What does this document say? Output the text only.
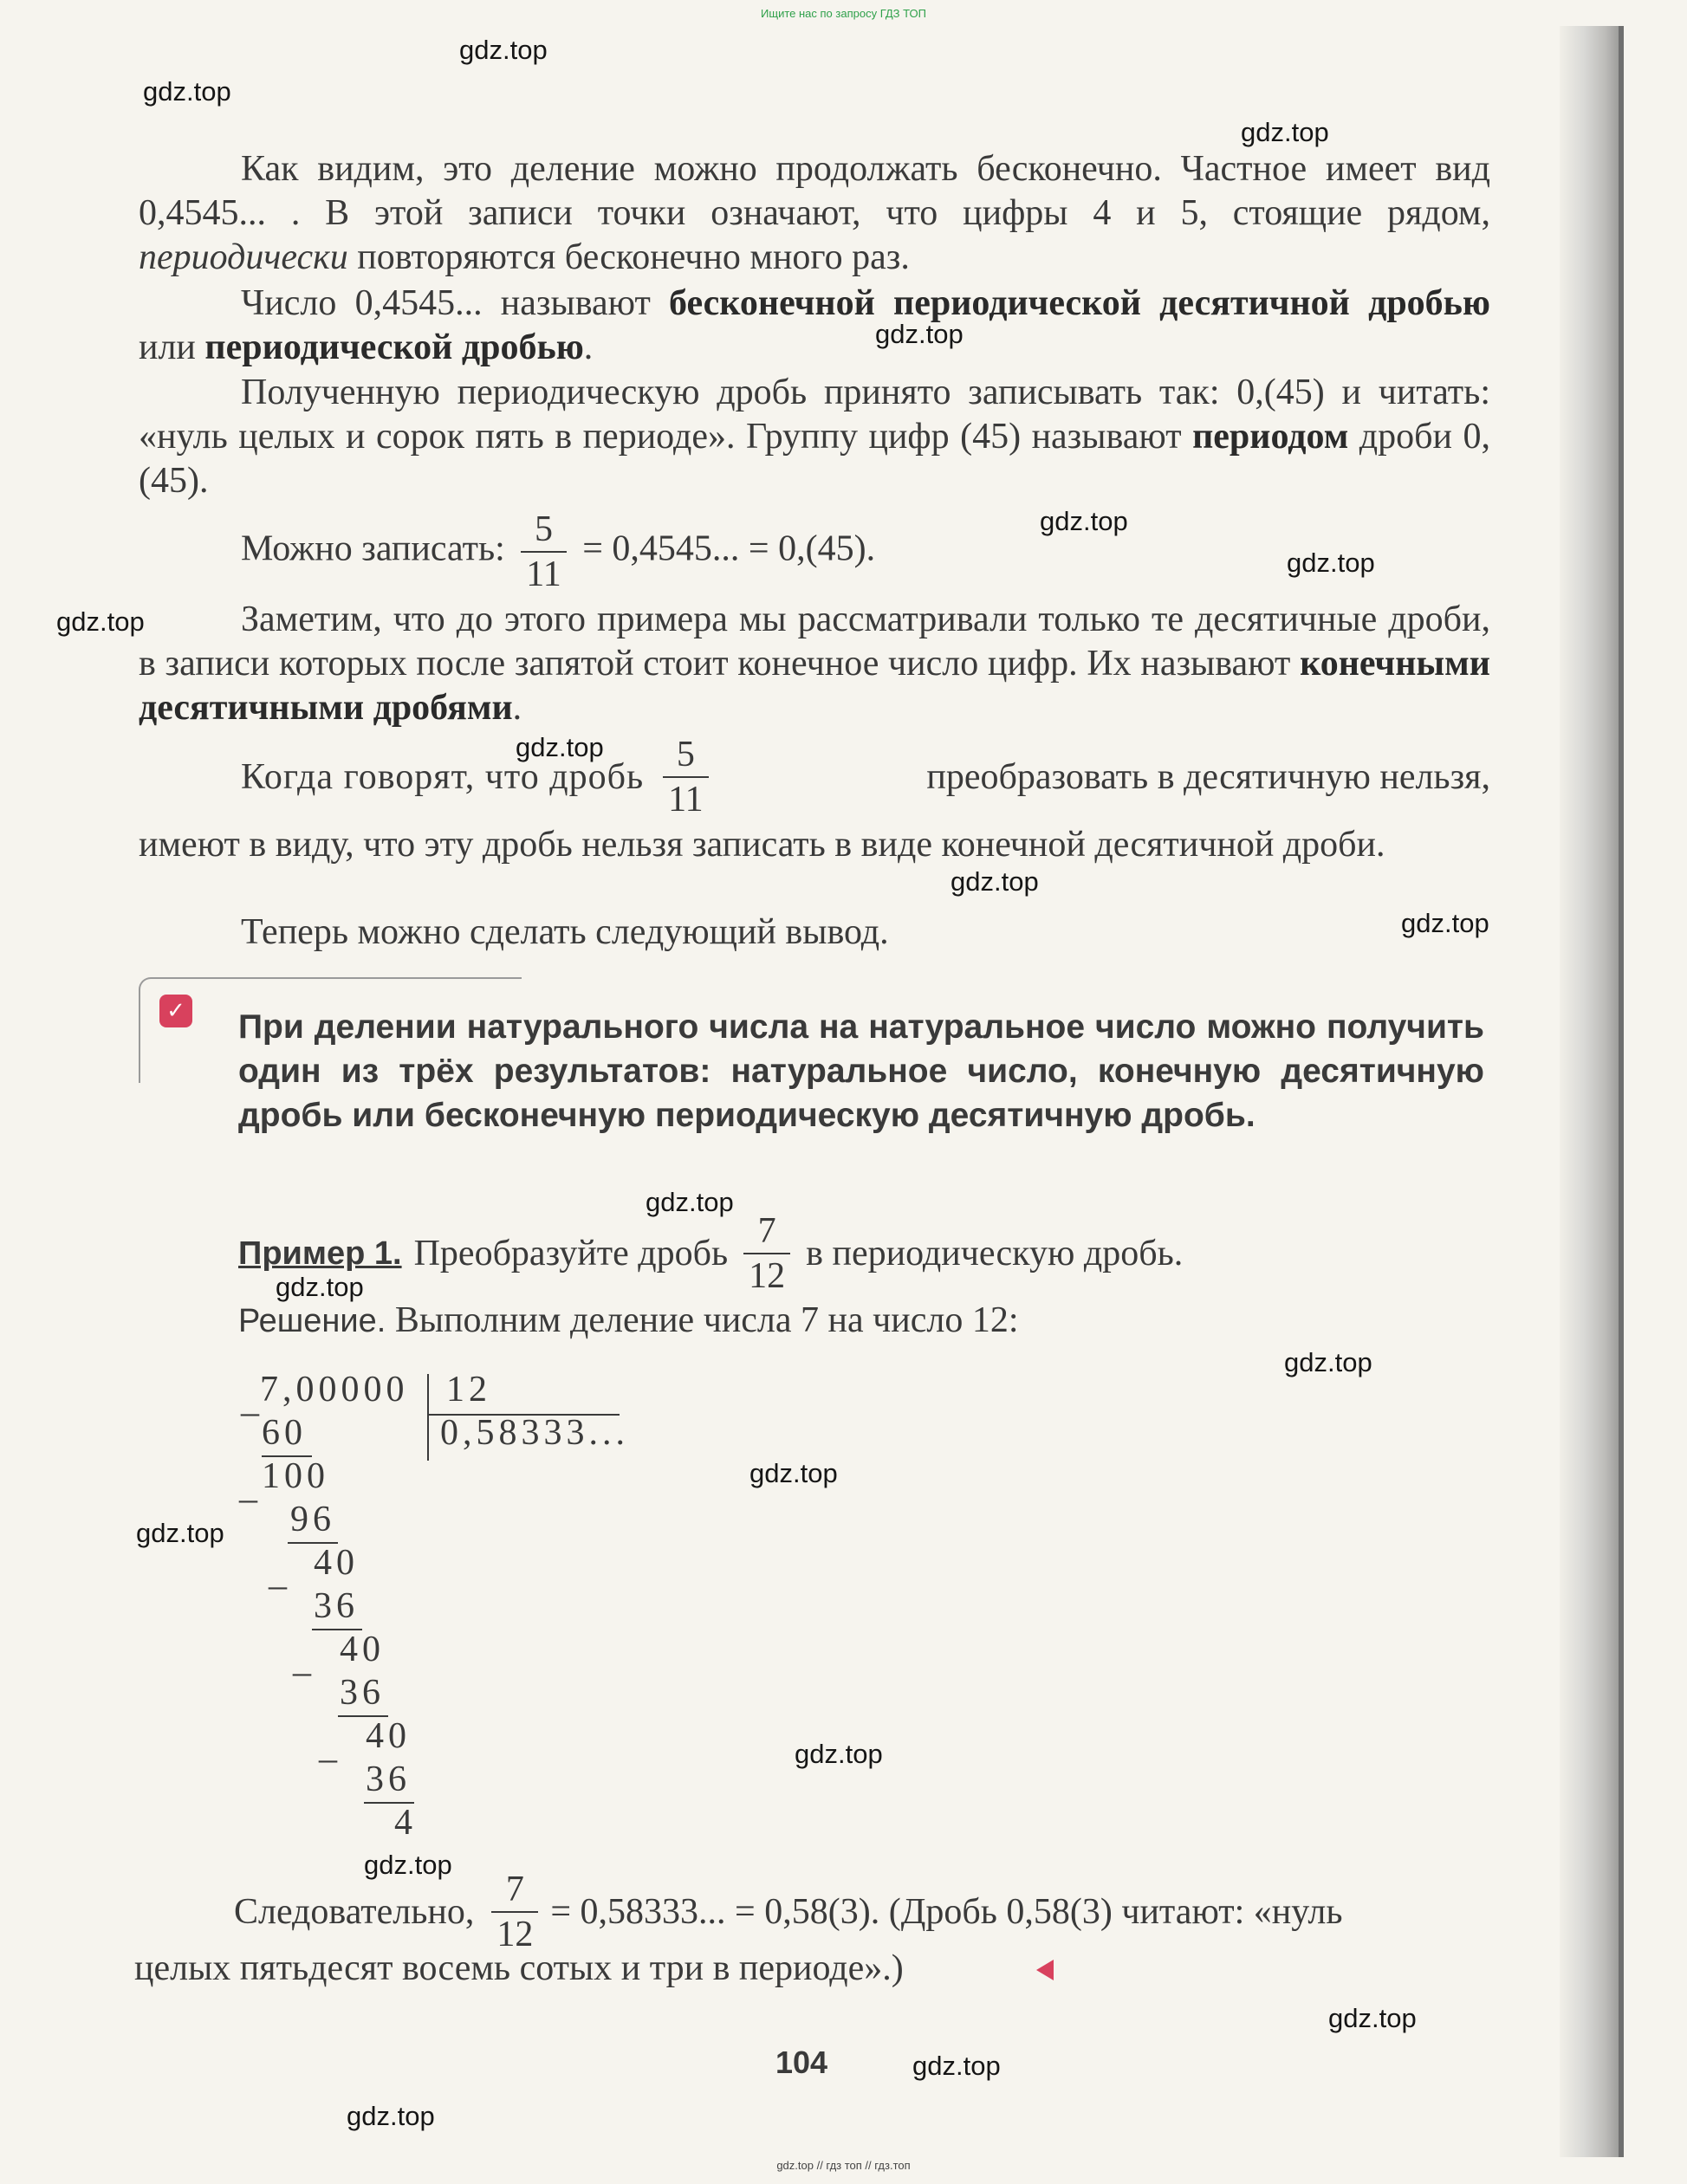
Ищите нас по запросу ГДЗ ТОП
gdz.top // гдз топ // гдз.топ
Как видим, это деление можно продолжать бесконечно. Частное имеет вид 0,4545... . В этой записи точки означают, что цифры 4 и 5, стоящие рядом, периодически повторяются бесконечно много раз.
Число 0,4545... называют бесконечной периодической десятичной дробью или периодической дробью.
Полученную периодическую дробь принято записывать так: 0,(45) и читать: «нуль целых и сорок пять в периоде». Группу цифр (45) называют периодом дроби 0,(45).
Можно записать: $\frac{5}{11} = 0,4545$... = 0,(45).
Заметим, что до этого примера мы рассматривали только те десятичные дроби, в записи которых после запятой стоит конечное число цифр. Их называют конечными десятичными дробями.
Когда говорят, что дробь $\frac{5}{11}$	преобразовать в десятичную нельзя,
имеют в виду, что эту дробь нельзя записать в виде конечной десятичной дроби.
Теперь можно сделать следующий вывод.
✓ При делении натурального числа на натуральное число можно получить один из трёх результатов: натуральное число, конечную десятичную дробь или бесконечную периодическую десятичную дробь.
Пример 1. Преобразуйте дробь $\frac{7}{12}$ в периодическую дробь.
Решение. Выполним деление числа 7 на число 12:
_
7,00000 12
0,58333...
60
_ 100
96
_ 40
36
_ 40
36
_ 40
36
4
Следовательно, $\frac{7}{12} = 0,58333$... = 0,58(3). (Дробь 0,58(3) читают: «нуль
целых пятьдесят восемь сотых и три в периоде».)
104
gdz.top
gdz.top
gdz.top
gdz.top
gdz.top
gdz.top
gdz.top
gdz.top
gdz.top
gdz.top
gdz.top
gdz.top
gdz.top
gdz.top
gdz.top
gdz.top
gdz.top
gdz.top
gdz.top
gdz.top
